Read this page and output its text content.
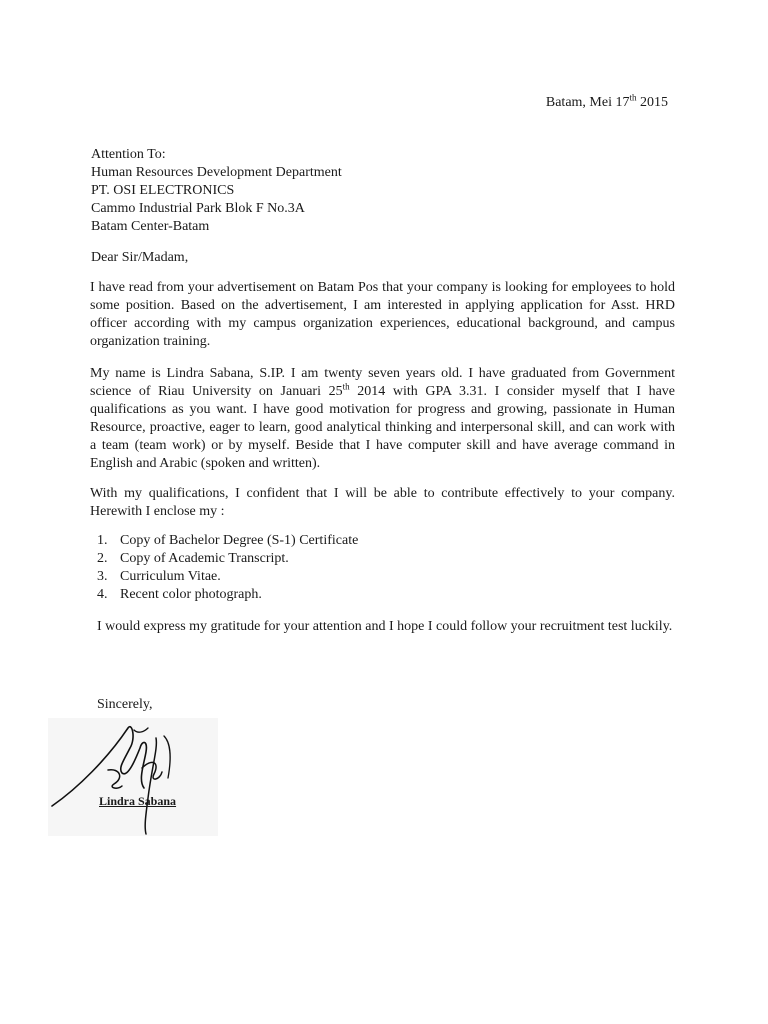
Batam, Mei 17th 2015
Attention To:
Human Resources Development Department
PT. OSI ELECTRONICS
Cammo Industrial Park Blok F No.3A
Batam Center-Batam
Dear Sir/Madam,
I have read from your advertisement on Batam Pos that your company is looking for employees to hold some position. Based on the advertisement, I am interested in applying application for Asst. HRD officer according with my campus organization experiences, educational background, and campus organization training.
My name is Lindra Sabana, S.IP. I am twenty seven years old. I have graduated from Government science of Riau University on Januari 25th 2014 with GPA 3.31. I consider myself that I have qualifications as you want. I have good motivation for progress and growing, passionate in Human Resource, proactive, eager to learn, good analytical thinking and interpersonal skill, and can work with a team (team work) or by myself. Beside that I have computer skill and have average command in English and Arabic (spoken and written).
With my qualifications, I confident that I will be able to contribute effectively to your company. Herewith I enclose my :
1. Copy of Bachelor Degree (S-1) Certificate
2. Copy of Academic Transcript.
3. Curriculum Vitae.
4. Recent color photograph.
I would express my gratitude for your attention and I hope I could follow your recruitment test luckily.
Sincerely,
Lindra Sabana
